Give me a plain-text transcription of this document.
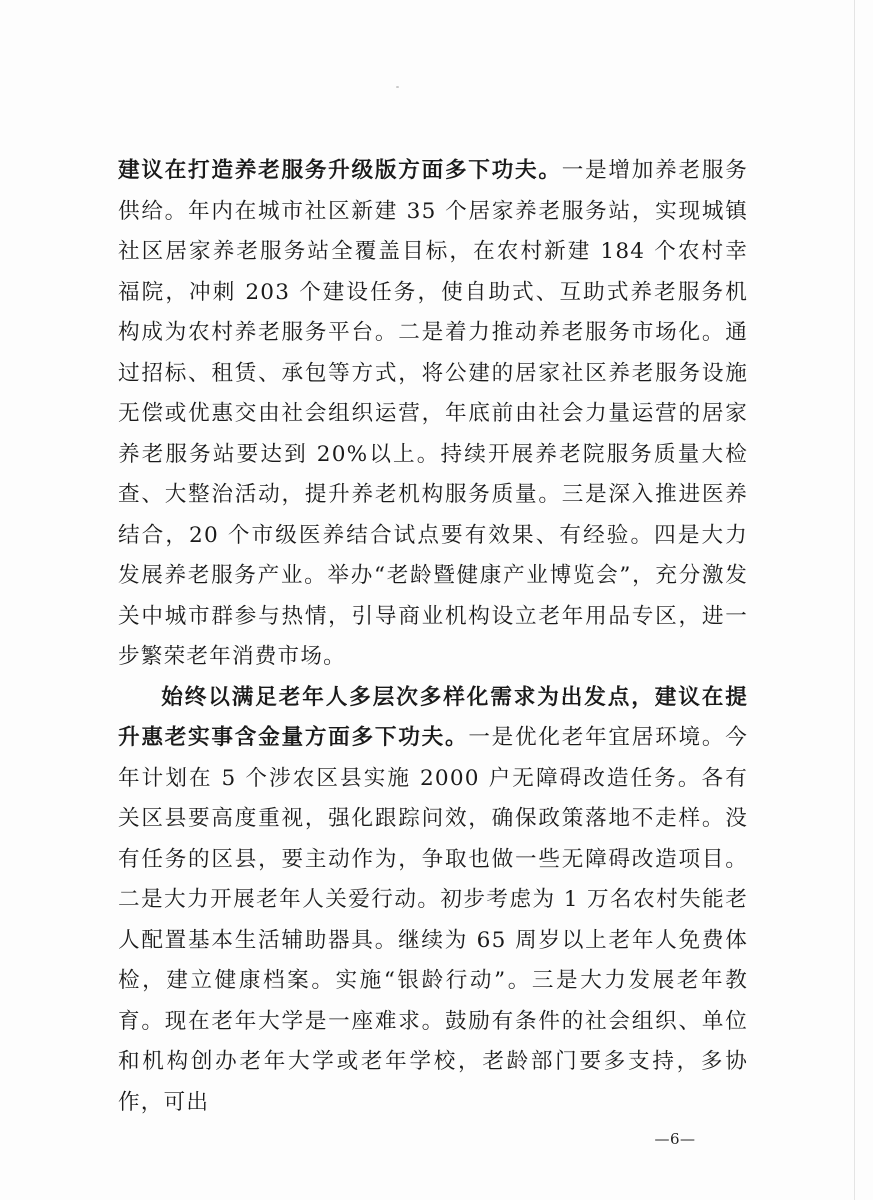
建议在打造养老服务升级版方面多下功夫。一是增加养老服务供给。年内在城市社区新建 35 个居家养老服务站，实现城镇社区居家养老服务站全覆盖目标，在农村新建 184 个农村幸福院，冲刺 203 个建设任务，使自助式、互助式养老服务机构成为农村养老服务平台。二是着力推动养老服务市场化。通过招标、租赁、承包等方式，将公建的居家社区养老服务设施无偿或优惠交由社会组织运营，年底前由社会力量运营的居家养老服务站要达到 20%以上。持续开展养老院服务质量大检查、大整治活动，提升养老机构服务质量。三是深入推进医养结合，20 个市级医养结合试点要有效果、有经验。四是大力发展养老服务产业。举办“老龄暨健康产业博览会”，充分激发关中城市群参与热情，引导商业机构设立老年用品专区，进一步繁荣老年消费市场。

始终以满足老年人多层次多样化需求为出发点，建议在提升惠老实事含金量方面多下功夫。一是优化老年宜居环境。今年计划在 5 个涉农区县实施 2000 户无障碍改造任务。各有关区县要高度重视，强化跟踪问效，确保政策落地不走样。没有任务的区县，要主动作为，争取也做一些无障碍改造项目。二是大力开展老年人关爱行动。初步考虑为 1 万名农村失能老人配置基本生活辅助器具。继续为 65 周岁以上老年人免费体检，建立健康档案。实施“银龄行动”。三是大力发展老年教育。现在老年大学是一座难求。鼓励有条件的社会组织、单位和机构创办老年大学或老年学校，老龄部门要多支持，多协作，可出

—6—
